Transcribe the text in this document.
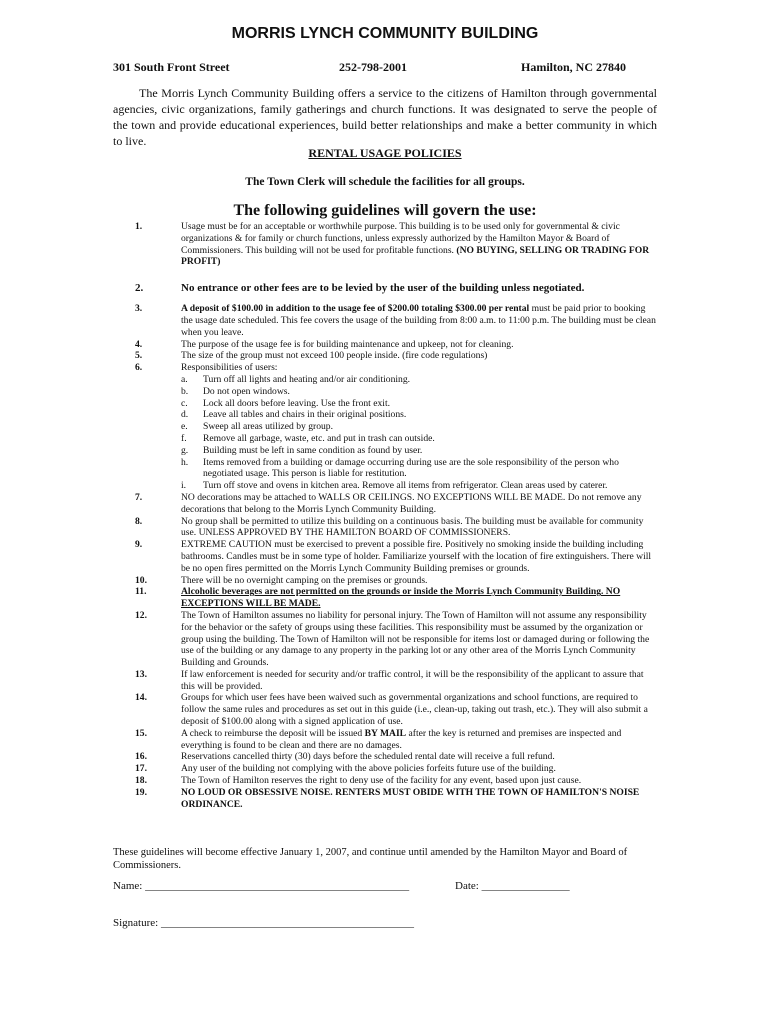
MORRIS LYNCH COMMUNITY BUILDING
301 South Front Street	252-798-2001	Hamilton, NC 27840
The Morris Lynch Community Building offers a service to the citizens of Hamilton through governmental agencies, civic organizations, family gatherings and church functions. It was designated to serve the people of the town and provide educational experiences, build better relationships and make a better community in which to live.
RENTAL USAGE POLICIES
The Town Clerk will schedule the facilities for all groups.
The following guidelines will govern the use:
1.	Usage must be for an acceptable or worthwhile purpose. This building is to be used only for governmental & civic organizations & for family or church functions, unless expressly authorized by the Hamilton Mayor & Board of Commissioners. This building will not be used for profitable functions. (NO BUYING, SELLING OR TRADING FOR PROFIT)
2.	No entrance or other fees are to be levied by the user of the building unless negotiated.
3.	A deposit of $100.00 in addition to the usage fee of $200.00 totaling $300.00 per rental must be paid prior to booking the usage date scheduled. This fee covers the usage of the building from 8:00 a.m. to 11:00 p.m. The building must be clean when you leave.
4.	The purpose of the usage fee is for building maintenance and upkeep, not for cleaning.
5.	The size of the group must not exceed 100 people inside. (fire code regulations)
6.	Responsibilities of users:
a.	Turn off all lights and heating and/or air conditioning.
b.	Do not open windows.
c.	Lock all doors before leaving. Use the front exit.
d.	Leave all tables and chairs in their original positions.
e.	Sweep all areas utilized by group.
f.	Remove all garbage, waste, etc. and put in trash can outside.
g.	Building must be left in same condition as found by user.
h.	Items removed from a building or damage occurring during use are the sole responsibility of the person who negotiated usage. This person is liable for restitution.
i.	Turn off stove and ovens in kitchen area. Remove all items from refrigerator. Clean areas used by caterer.
7.	NO decorations may be attached to WALLS OR CEILINGS. NO EXCEPTIONS WILL BE MADE. Do not remove any decorations that belong to the Morris Lynch Community Building.
8.	No group shall be permitted to utilize this building on a continuous basis. The building must be available for community use. UNLESS APPROVED BY THE HAMILTON BOARD OF COMMISSIONERS.
9.	EXTREME CAUTION must be exercised to prevent a possible fire. Positively no smoking inside the building including bathrooms. Candles must be in some type of holder. Familiarize yourself with the location of fire extinguishers. There will be no open fires permitted on the Morris Lynch Community Building premises or grounds.
10.	There will be no overnight camping on the premises or grounds.
11.	Alcoholic beverages are not permitted on the grounds or inside the Morris Lynch Community Building. NO EXCEPTIONS WILL BE MADE.
12.	The Town of Hamilton assumes no liability for personal injury. The Town of Hamilton will not assume any responsibility for the behavior or the safety of groups using these facilities. This responsibility must be assumed by the organization or group using the building. The Town of Hamilton will not be responsible for items lost or damaged during or following the use of the building or any damage to any property in the parking lot or any other area of the Morris Lynch Community Building and Grounds.
13.	If law enforcement is needed for security and/or traffic control, it will be the responsibility of the applicant to assure that this will be provided.
14.	Groups for which user fees have been waived such as governmental organizations and school functions, are required to follow the same rules and procedures as set out in this guide (i.e., clean-up, taking out trash, etc.). They will also submit a deposit of $100.00 along with a signed application of use.
15.	A check to reimburse the deposit will be issued BY MAIL after the key is returned and premises are inspected and everything is found to be clean and there are no damages.
16.	Reservations cancelled thirty (30) days before the scheduled rental date will receive a full refund.
17.	Any user of the building not complying with the above policies forfeits future use of the building.
18.	The Town of Hamilton reserves the right to deny use of the facility for any event, based upon just cause.
19.	NO LOUD OR OBSESSIVE NOISE. RENTERS MUST OBIDE WITH THE TOWN OF HAMILTON'S NOISE ORDINANCE.
These guidelines will become effective January 1, 2007, and continue until amended by the Hamilton Mayor and Board of Commissioners.
Name: ________________________________________________	Date: ________________
Signature: ______________________________________________
